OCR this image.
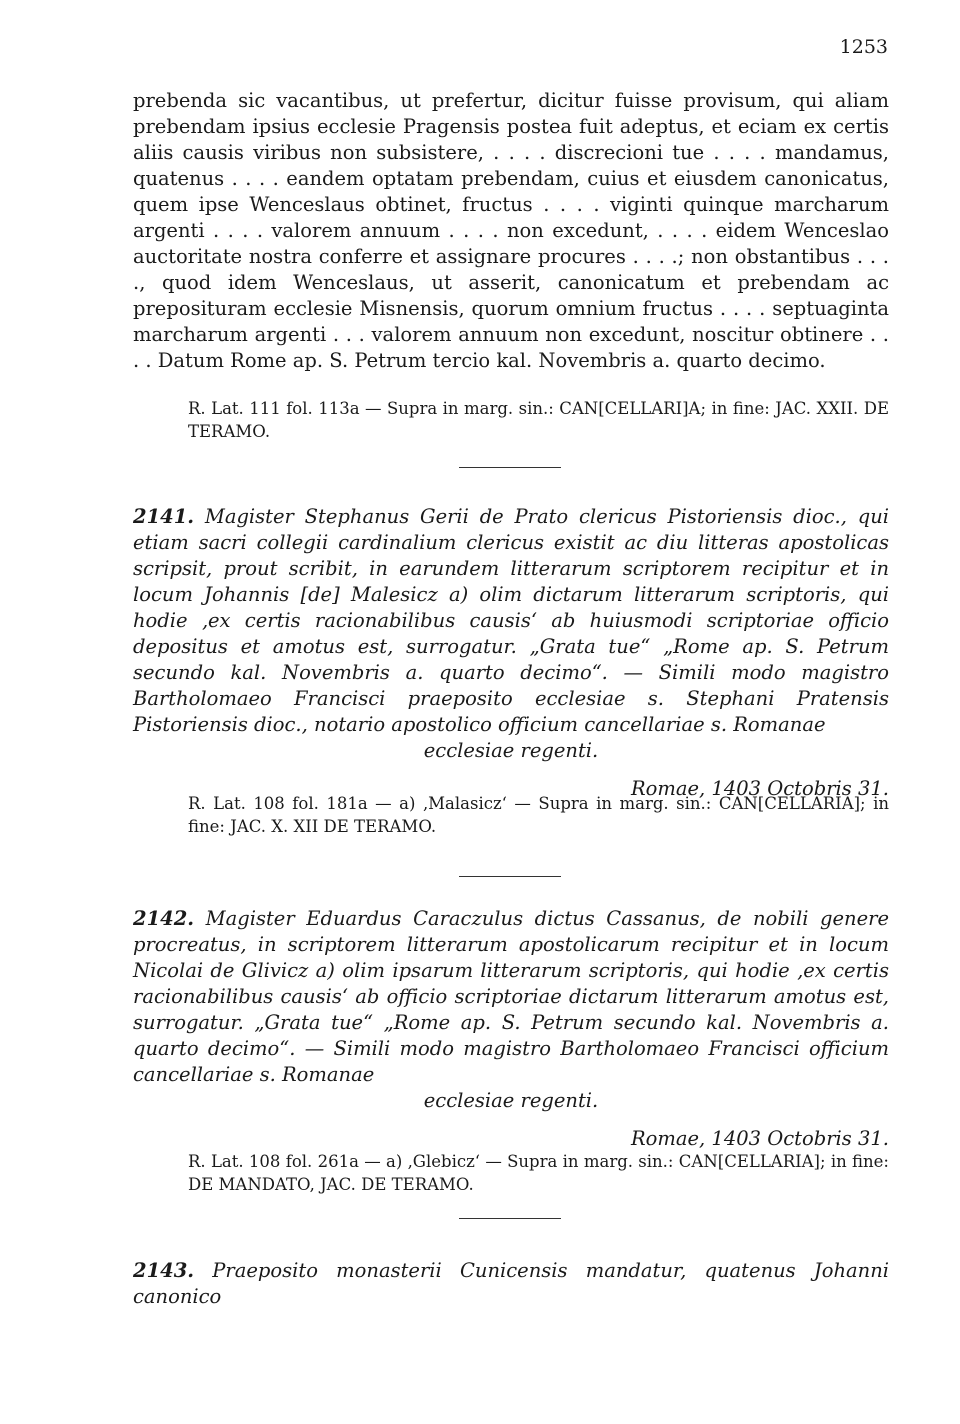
1253

prebenda sic vacantibus, ut prefertur, dicitur fuisse provisum, qui aliam prebendam ipsius ecclesie Pragensis postea fuit adeptus, et eciam ex certis aliis causis viribus non subsistere, . . . . discrecioni tue . . . . mandamus, quatenus . . . . eandem optatam prebendam, cuius et eiusdem canonicatus, quem ipse Wenceslaus obtinet, fructus . . . . viginti quinque marcharum argenti . . . . valorem annuum . . . . non excedunt, . . . . eidem Wenceslao auctoritate nostra conferre et assignare procures . . . .; non obstantibus . . . ., quod idem Wenceslaus, ut asserit, canonicatum et prebendam ac preposituram ecclesie Misnensis, quorum omnium fructus . . . . septuaginta marcharum argenti . . . valorem annuum non excedunt, noscitur obtinere . . . . Datum Rome ap. S. Petrum tercio kal. Novembris a. quarto decimo.

R. Lat. 111 fol. 113a — Supra in marg. sin.: CAN[CELLARI]A; in fine: JAC. XXII. DE TERAMO.

2141. Magister Stephanus Gerii de Prato clericus Pistoriensis dioc., qui etiam sacri collegii cardinalium clericus existit ac diu litteras apostolicas scripsit, prout scribit, in earundem litterarum scriptorem recipitur et in locum Johannis [de] Malesicz a) olim dictarum litterarum scriptoris, qui hodie ‚ex certis racionabilibus causis‘ ab huiusmodi scriptoriae officio depositus et amotus est, surrogatur. „Grata tue“ „Rome ap. S. Petrum secundo kal. Novembris a. quarto decimo“. — Simili modo magistro Bartholomaeo Francisci praeposito ecclesiae s. Stephani Pratensis Pistoriensis dioc., notario apostolico officium cancellariae s. Romanae

ecclesiae regenti.

Romae, 1403 Octobris 31.

R. Lat. 108 fol. 181a — a) ‚Malasicz‘ — Supra in marg. sin.: CAN[CELLARIA]; in fine: JAC. X. XII DE TERAMO.

2142. Magister Eduardus Caraczulus dictus Cassanus, de nobili genere procreatus, in scriptorem litterarum apostolicarum recipitur et in locum Nicolai de Glivicz a) olim ipsarum litterarum scriptoris, qui hodie ‚ex certis racionabilibus causis‘ ab officio scriptoriae dictarum litterarum amotus est, surrogatur. „Grata tue“ „Rome ap. S. Petrum secundo kal. Novembris a. quarto decimo“. — Simili modo magistro Bartholomaeo Francisci officium cancellariae s. Romanae

ecclesiae regenti.

Romae, 1403 Octobris 31.

R. Lat. 108 fol. 261a — a) ‚Glebicz‘ — Supra in marg. sin.: CAN[CELLARIA]; in fine: DE MANDATO, JAC. DE TERAMO.

2143. Praeposito monasterii Cunicensis mandatur, quatenus Johanni canonico
